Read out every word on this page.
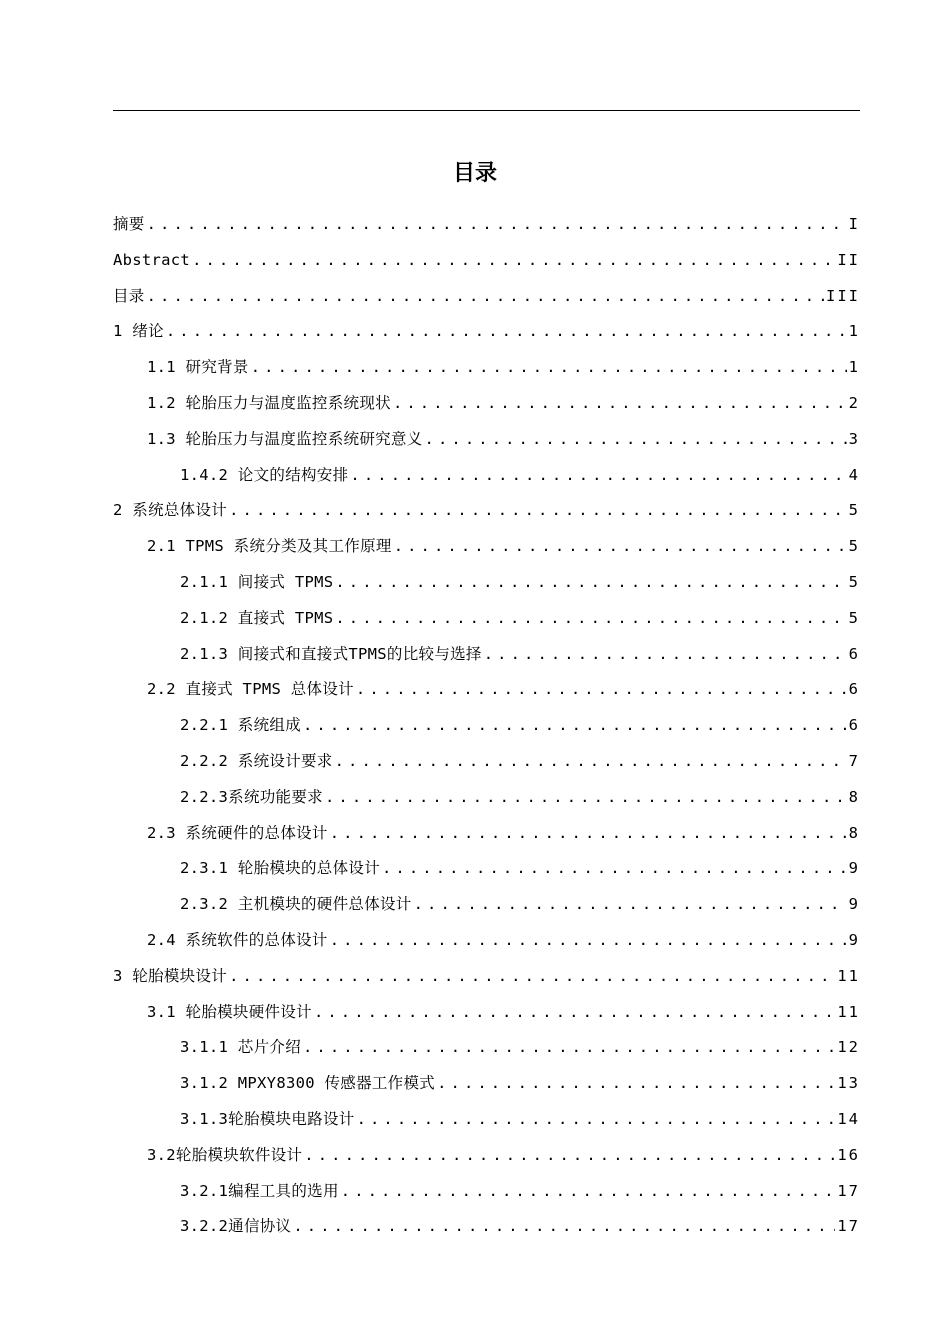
目录
摘要 .....	I
Abstract .....	II
目录 .....	III
1 绪论 .....	1
1.1 研究背景 .....	1
1.2 轮胎压力与温度监控系统现状 .....	2
1.3 轮胎压力与温度监控系统研究意义 .....	3
1.4.2 论文的结构安排 .....	4
2 系统总体设计 .....	5
2.1 TPMS 系统分类及其工作原理 .....	5
2.1.1 间接式 TPMS .....	5
2.1.2 直接式 TPMS .....	5
2.1.3 间接式和直接式TPMS的比较与选择 .....	6
2.2 直接式 TPMS 总体设计 .....	6
2.2.1 系统组成 .....	6
2.2.2 系统设计要求 .....	7
2.2.3系统功能要求 .....	8
2.3 系统硬件的总体设计 .....	8
2.3.1 轮胎模块的总体设计 .....	9
2.3.2 主机模块的硬件总体设计 .....	9
2.4 系统软件的总体设计 .....	9
3 轮胎模块设计 .....	11
3.1 轮胎模块硬件设计 .....	11
3.1.1 芯片介绍 .....	12
3.1.2 MPXY8300 传感器工作模式 .....	13
3.1.3轮胎模块电路设计 .....	14
3.2轮胎模块软件设计 .....	16
3.2.1编程工具的选用 .....	17
3.2.2通信协议 .....	17
